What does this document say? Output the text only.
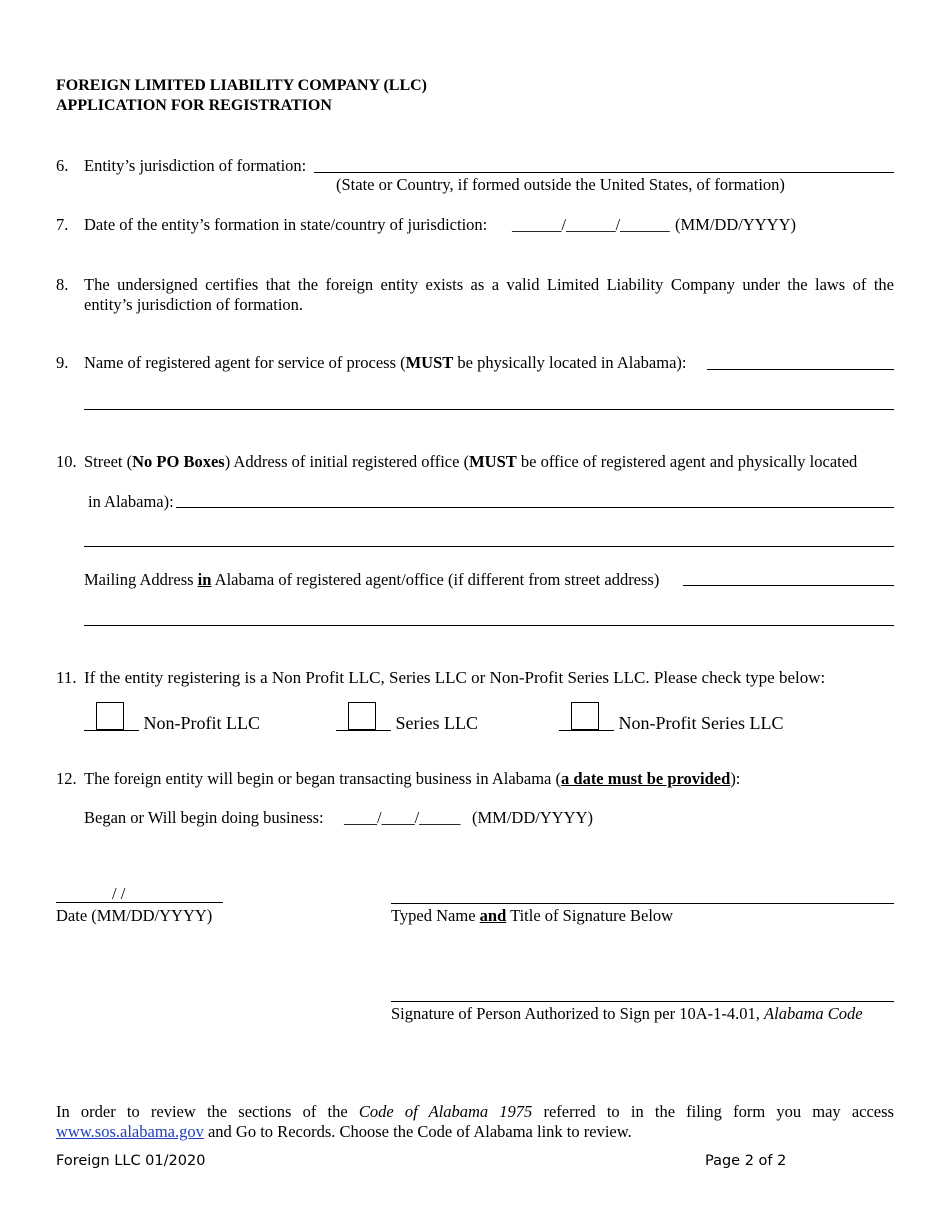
FOREIGN LIMITED LIABILITY COMPANY (LLC)
APPLICATION FOR REGISTRATION
6. Entity’s jurisdiction of formation:
(State or Country, if formed outside the United States, of formation)
7. Date of the entity’s formation in state/country of jurisdiction: ______/______/______ (MM/DD/YYYY)
8. The undersigned certifies that the foreign entity exists as a valid Limited Liability Company under the laws of the
entity’s jurisdiction of formation.
9. Name of registered agent for service of process (MUST be physically located in Alabama):
10. Street (No PO Boxes) Address of initial registered office (MUST be office of registered agent and physically located
in Alabama):
Mailing Address in Alabama of registered agent/office (if different from street address)
11. If the entity registering is a Non Profit LLC, Series LLC or Non-Profit Series LLC. Please check type below:
Non-Profit LLC	Series LLC	Non-Profit Series LLC
12. The foreign entity will begin or began transacting business in Alabama (a date must be provided):
Began or Will begin doing business: ____/____/_____ (MM/DD/YYYY)
/ /
Date (MM/DD/YYYY)	Typed Name and Title of Signature Below
Signature of Person Authorized to Sign per 10A-1-4.01, Alabama Code
In order to review the sections of the Code of Alabama 1975 referred to in the filing form you may access
www.sos.alabama.gov and Go to Records. Choose the Code of Alabama link to review.
Foreign LLC 01/2020	Page 2 of 2
